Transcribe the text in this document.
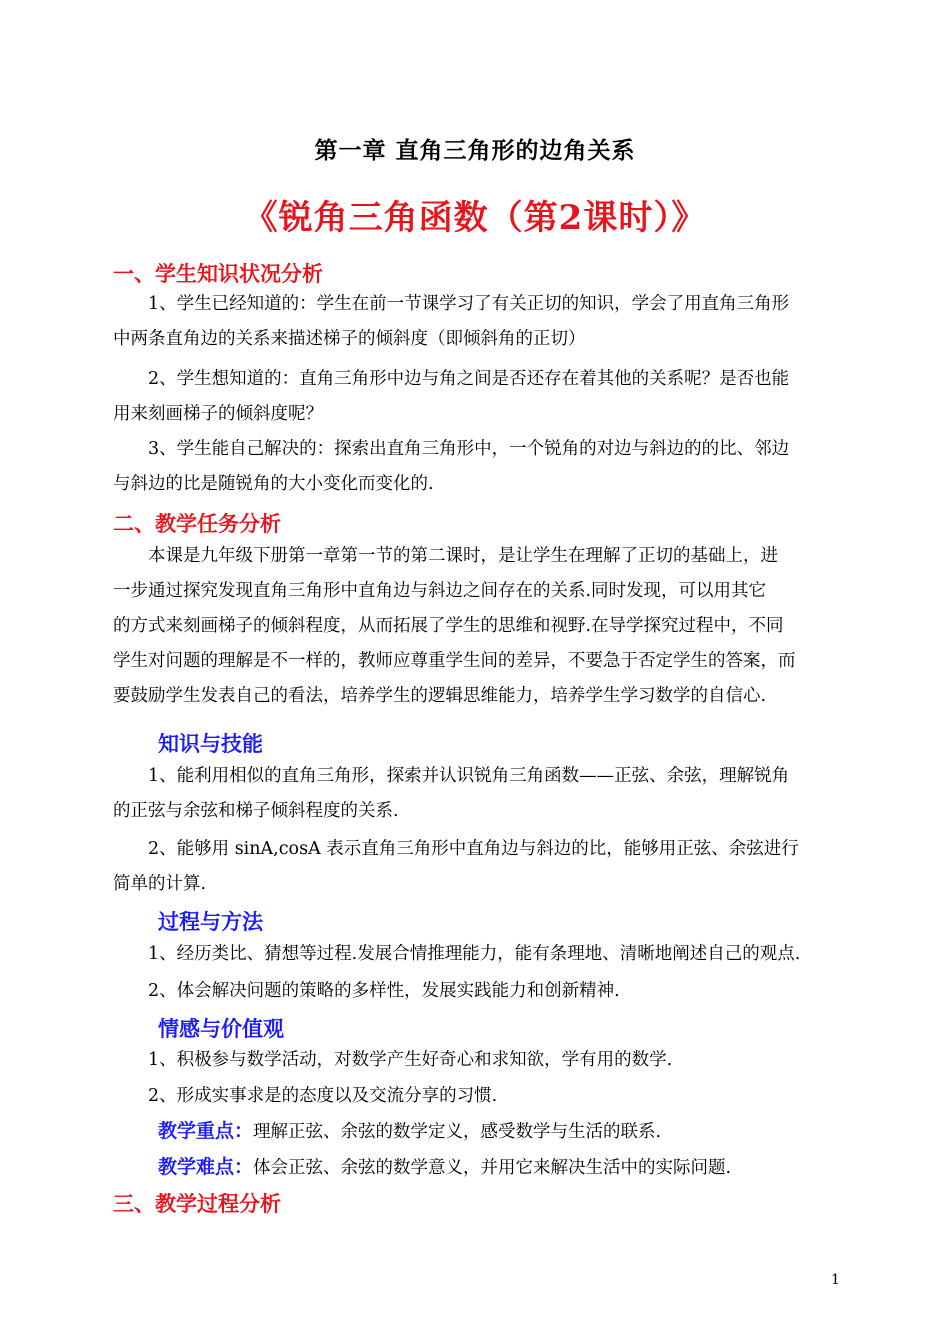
第一章 直角三角形的边角关系
《锐角三角函数（第2课时）》
一、学生知识状况分析
1、学生已经知道的：学生在前一节课学习了有关正切的知识，学会了用直角三角形
中两条直角边的关系来描述梯子的倾斜度（即倾斜角的正切）
2、学生想知道的：直角三角形中边与角之间是否还存在着其他的关系呢？是否也能
用来刻画梯子的倾斜度呢？
3、学生能自己解决的：探索出直角三角形中，一个锐角的对边与斜边的的比、邻边
与斜边的比是随锐角的大小变化而变化的.
二、教学任务分析
本课是九年级下册第一章第一节的第二课时，是让学生在理解了正切的基础上，进
一步通过探究发现直角三角形中直角边与斜边之间存在的关系.同时发现，可以用其它
的方式来刻画梯子的倾斜程度，从而拓展了学生的思维和视野.在导学探究过程中，不同
学生对问题的理解是不一样的，教师应尊重学生间的差异，不要急于否定学生的答案，而
要鼓励学生发表自己的看法，培养学生的逻辑思维能力，培养学生学习数学的自信心.
知识与技能
1、能利用相似的直角三角形，探索并认识锐角三角函数——正弦、余弦，理解锐角
的正弦与余弦和梯子倾斜程度的关系.
2、能够用 sinA,cosA 表示直角三角形中直角边与斜边的比，能够用正弦、余弦进行
简单的计算.
过程与方法
1、经历类比、猜想等过程.发展合情推理能力，能有条理地、清晰地阐述自己的观点.
2、体会解决问题的策略的多样性，发展实践能力和创新精神.
情感与价值观
1、积极参与数学活动，对数学产生好奇心和求知欲，学有用的数学.
2、形成实事求是的态度以及交流分享的习惯.
教学重点：理解正弦、余弦的数学定义，感受数学与生活的联系.
教学难点：体会正弦、余弦的数学意义，并用它来解决生活中的实际问题.
三、教学过程分析
1
